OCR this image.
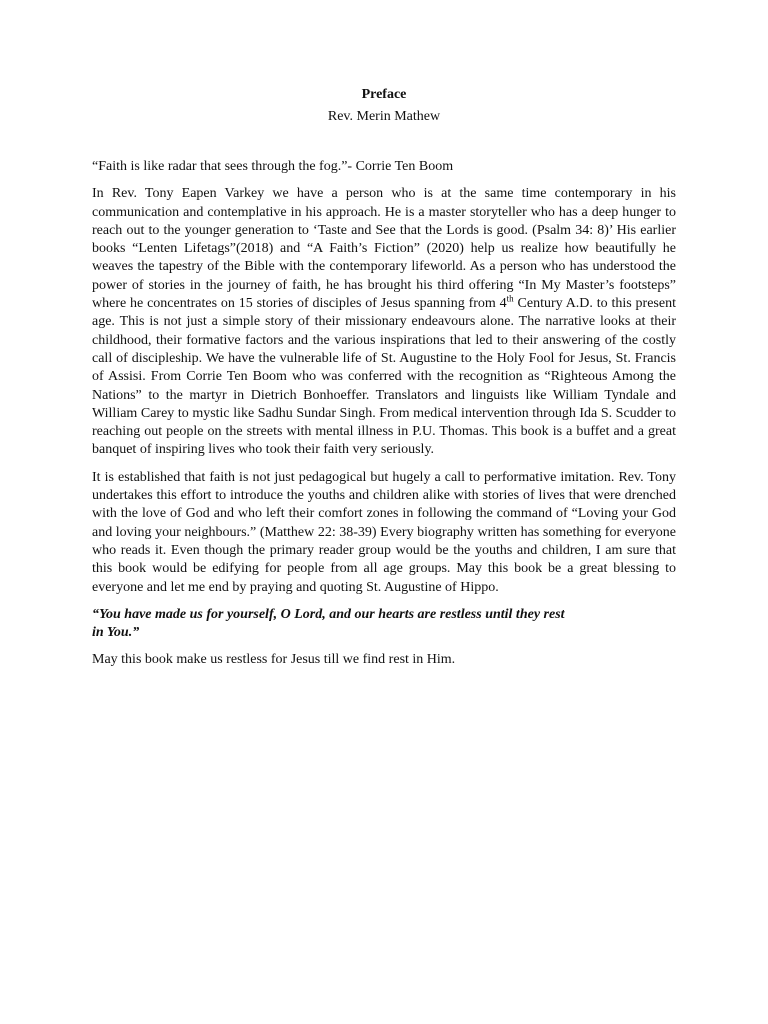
Preface
Rev. Merin Mathew

“Faith is like radar that sees through the fog.”- Corrie Ten Boom

In Rev. Tony Eapen Varkey we have a person who is at the same time contemporary in his communication and contemplative in his approach. He is a master storyteller who has a deep hunger to reach out to the younger generation to ‘Taste and See that the Lords is good. (Psalm 34: 8)’ His earlier books “Lenten Lifetags”(2018) and “A Faith’s Fiction” (2020) help us realize how beautifully he weaves the tapestry of the Bible with the contemporary lifeworld. As a person who has understood the power of stories in the journey of faith, he has brought his third offering “In My Master’s footsteps” where he concentrates on 15 stories of disciples of Jesus spanning from 4th Century A.D. to this present age. This is not just a simple story of their missionary endeavours alone. The narrative looks at their childhood, their formative factors and the various inspirations that led to their answering of the costly call of discipleship. We have the vulnerable life of St. Augustine to the Holy Fool for Jesus, St. Francis of Assisi. From Corrie Ten Boom who was conferred with the recognition as “Righteous Among the Nations” to the martyr in Dietrich Bonhoeffer. Translators and linguists like William Tyndale and William Carey to mystic like Sadhu Sundar Singh. From medical intervention through Ida S. Scudder to reaching out people on the streets with mental illness in P.U. Thomas. This book is a buffet and a great banquet of inspiring lives who took their faith very seriously.

It is established that faith is not just pedagogical but hugely a call to performative imitation. Rev. Tony undertakes this effort to introduce the youths and children alike with stories of lives that were drenched with the love of God and who left their comfort zones in following the command of “Loving your God and loving your neighbours.” (Matthew 22: 38-39) Every biography written has something for everyone who reads it. Even though the primary reader group would be the youths and children, I am sure that this book would be edifying for people from all age groups. May this book be a great blessing to everyone and let me end by praying and quoting St. Augustine of Hippo.

“You have made us for yourself, O Lord, and our hearts are restless until they rest in You.”

May this book make us restless for Jesus till we find rest in Him.
